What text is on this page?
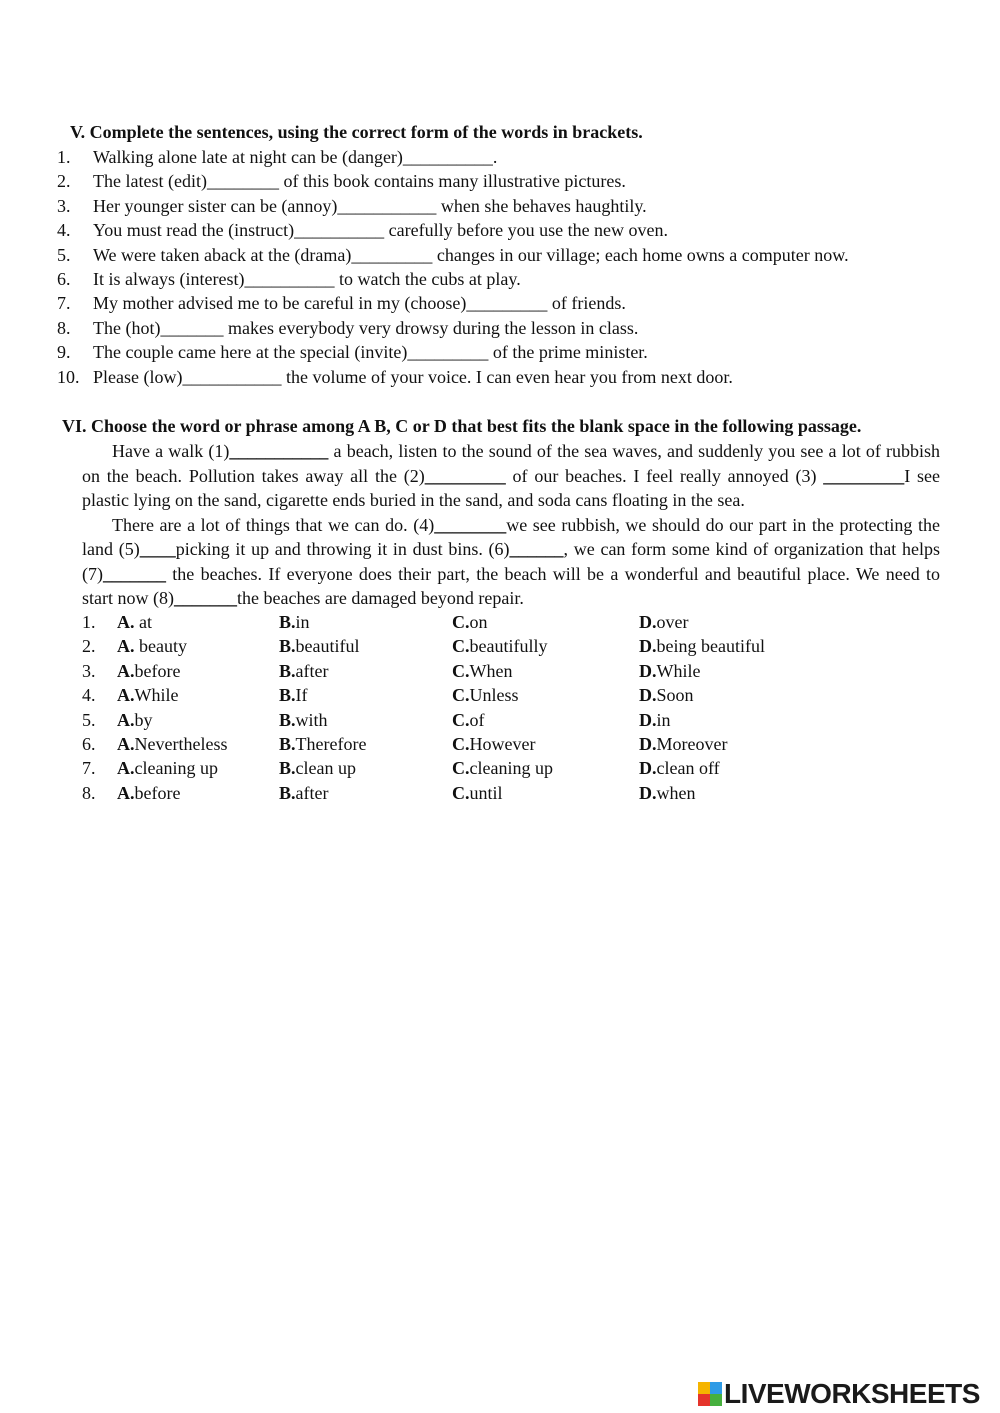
V. Complete the sentences, using the correct form of the words in brackets.
1. Walking alone late at night can be (danger)__________.
2. The latest (edit)________ of this book contains many illustrative pictures.
3. Her younger sister can be (annoy)___________ when she behaves haughtily.
4. You must read the (instruct)__________ carefully before you use the new oven.
5. We were taken aback at the (drama)_________ changes in our village; each home owns a computer now.
6. It is always (interest)__________ to watch the cubs at play.
7. My mother advised me to be careful in my (choose)_________ of friends.
8. The (hot)_______ makes everybody very drowsy during the lesson in class.
9. The couple came here at the special (invite)_________ of the prime minister.
10. Please (low)___________ the volume of your voice. I can even hear you from next door.
VI. Choose the word or phrase among A B, C or D that best fits the blank space in the following passage.

Have a walk (1)___________ a beach, listen to the sound of the sea waves, and suddenly you see a lot of rubbish on the beach. Pollution takes away all the (2)_________ of our beaches. I feel really annoyed (3) _________I see plastic lying on the sand, cigarette ends buried in the sand, and soda cans floating in the sea.

There are a lot of things that we can do. (4)________we see rubbish, we should do our part in the protecting the land (5)____picking it up and throwing it in dust bins. (6)______, we can form some kind of organization that helps (7)_______ the beaches. If everyone does their part, the beach will be a wonderful and beautiful place. We need to start now (8)_______the beaches are damaged beyond repair.

1. A. at	B.in	C.on	D.over
2. A. beauty	B.beautiful	C.beautifully	D.being beautiful
3. A.before	B.after	C.When	D.While
4. A.While	B.If	C.Unless	D.Soon
5. A.by	B.with	C.of	D.in
6. A.Nevertheless	B.Therefore	C.However	D.Moreover
7. A.cleaning up	B.clean up	C.cleaning up	D.clean off
8. A.before	B.after	C.until	D.when
LIVEWORKSHEETS
